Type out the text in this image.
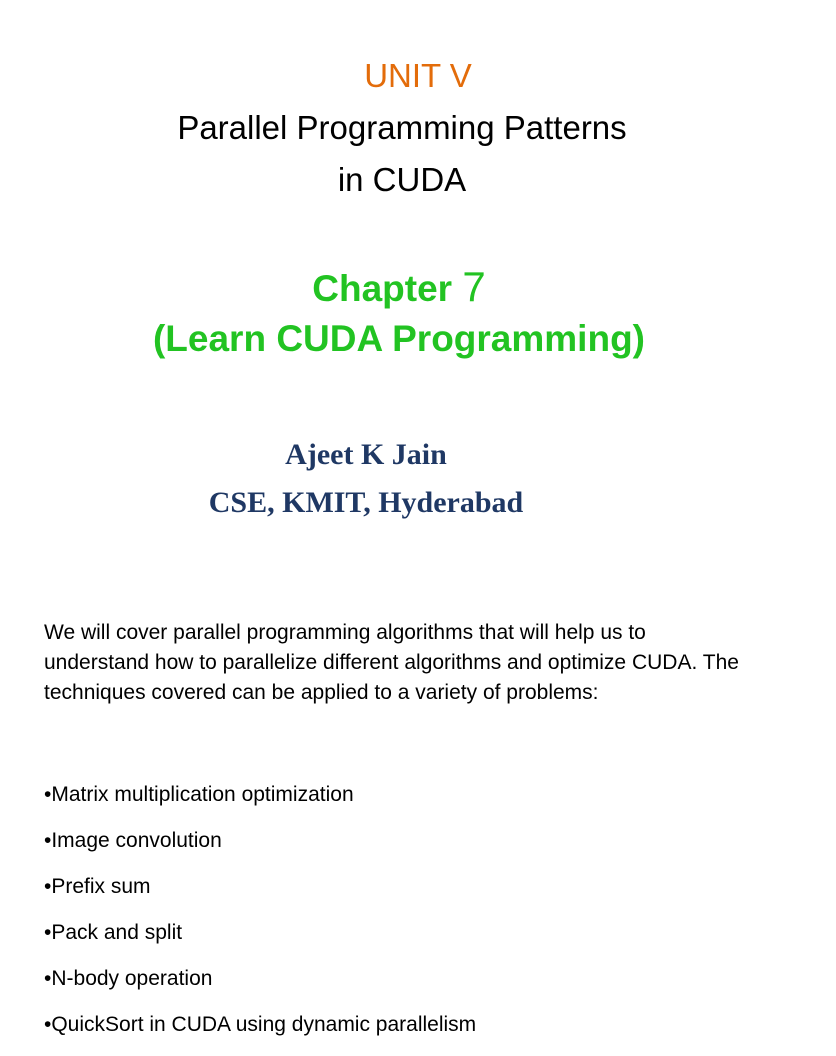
UNIT V
Parallel Programming Patterns
in CUDA
Chapter 7
(Learn CUDA Programming)
Ajeet K Jain
CSE, KMIT, Hyderabad
We will cover parallel programming algorithms that will help us to understand how to parallelize different algorithms and optimize CUDA. The techniques covered can be applied to a variety of problems:
•Matrix multiplication optimization
•Image convolution
•Prefix sum
•Pack and split
•N-body operation
•QuickSort in CUDA using dynamic parallelism
